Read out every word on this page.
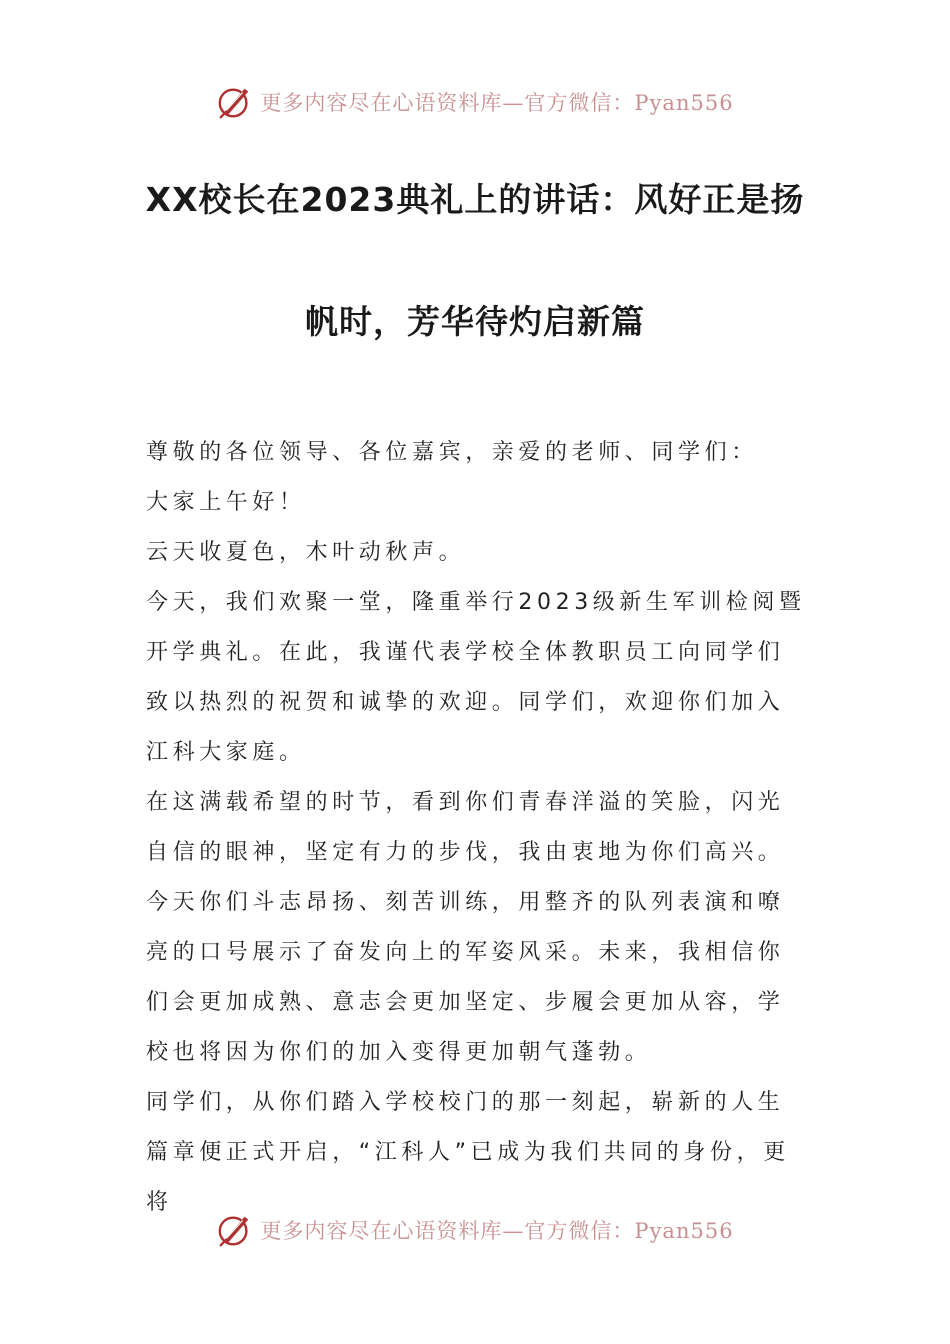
更多内容尽在心语资料库—官方微信：Pyan556
XX校长在2023典礼上的讲话：风好正是扬
帆时，芳华待灼启新篇

尊敬的各位领导、各位嘉宾，亲爱的老师、同学们：

大家上午好！

云天收夏色，木叶动秋声。

今天，我们欢聚一堂，隆重举行2023级新生军训检阅暨开学典礼。在此，我谨代表学校全体教职员工向同学们致以热烈的祝贺和诚挚的欢迎。同学们，欢迎你们加入江科大家庭。

在这满载希望的时节，看到你们青春洋溢的笑脸，闪光自信的眼神，坚定有力的步伐，我由衷地为你们高兴。今天你们斗志昂扬、刻苦训练，用整齐的队列表演和嘹亮的口号展示了奋发向上的军姿风采。未来，我相信你们会更加成熟、意志会更加坚定、步履会更加从容，学校也将因为你们的加入变得更加朝气蓬勃。

同学们，从你们踏入学校校门的那一刻起，崭新的人生篇章便正式开启，“江科人”已成为我们共同的身份，更将

更多内容尽在心语资料库—官方微信：Pyan556
